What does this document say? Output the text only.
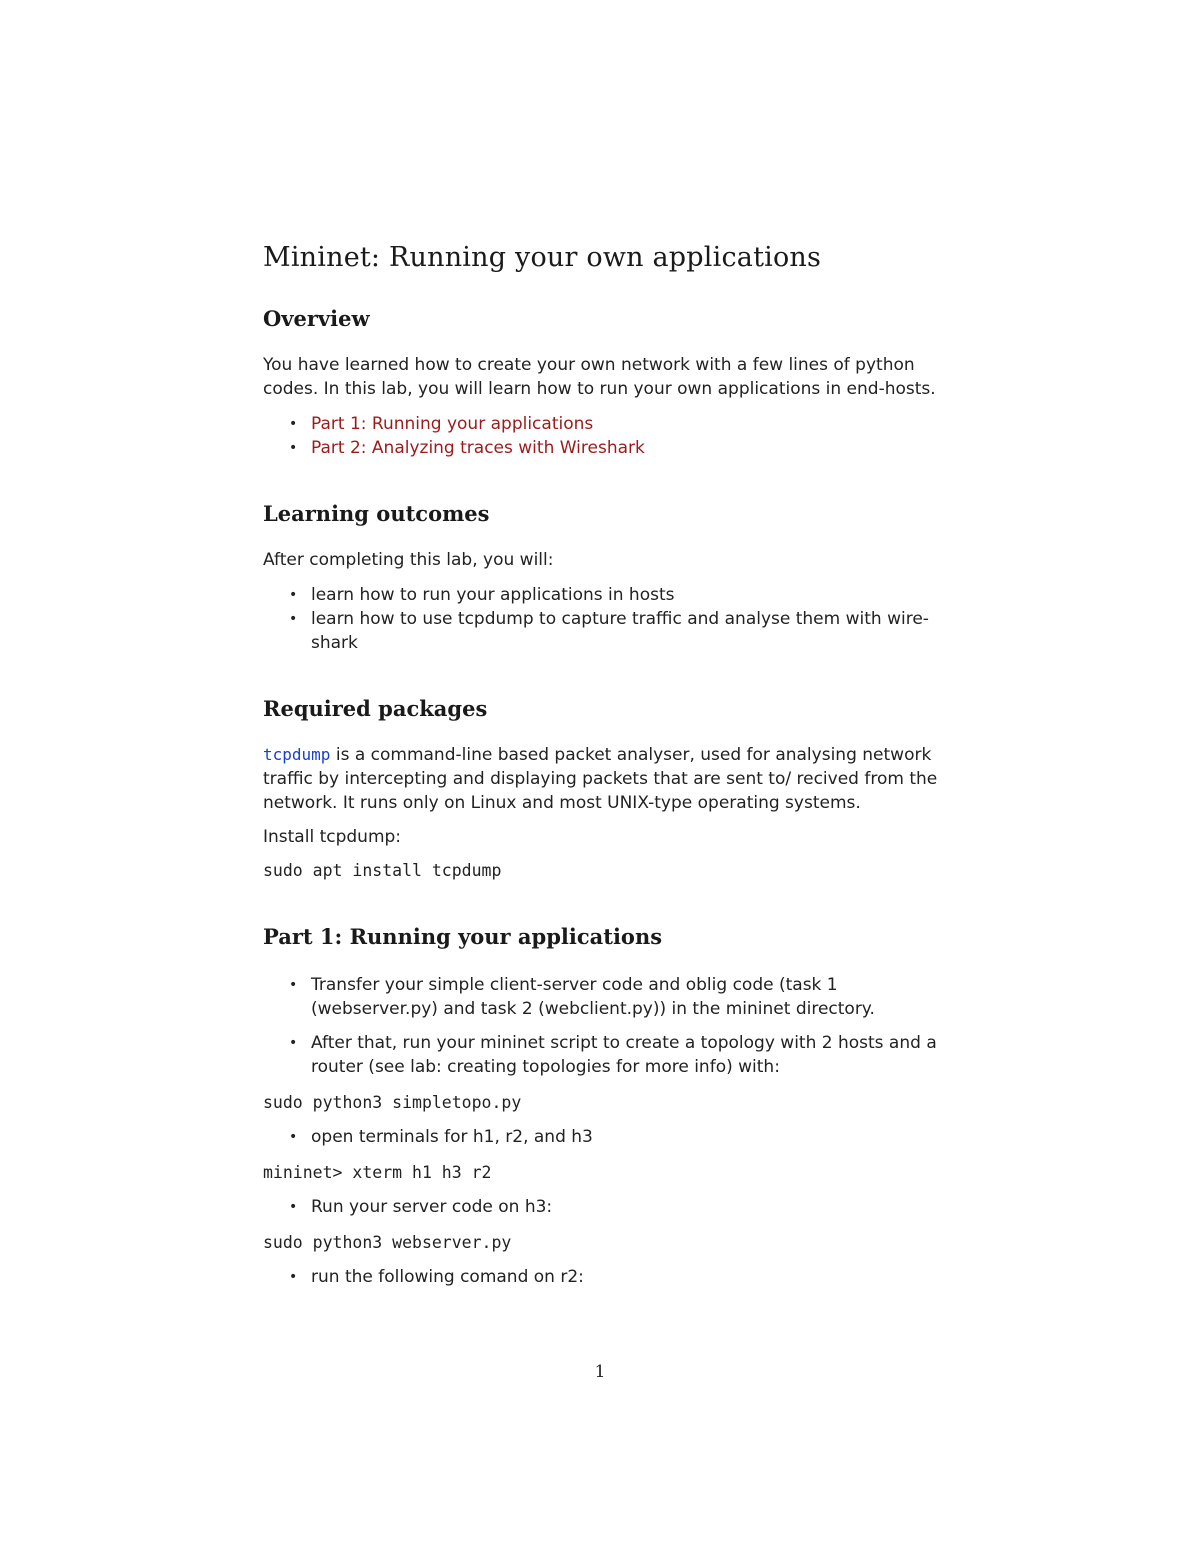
Mininet: Running your own applications
Overview

You have learned how to create your own network with a few lines of python codes. In this lab, you will learn how to run your own applications in end-hosts.

• Part 1: Running your applications
• Part 2: Analyzing traces with Wireshark
Learning outcomes

After completing this lab, you will:

• learn how to run your applications in hosts
• learn how to use tcpdump to capture traffic and analyse them with wire-shark
Required packages

tcpdump is a command-line based packet analyser, used for analysing network traffic by intercepting and displaying packets that are sent to/ recived from the network. It runs only on Linux and most UNIX-type operating systems.

Install tcpdump:

sudo apt install tcpdump

Part 1: Running your applications
• Transfer your simple client-server code and oblig code (task 1 (webserver.py) and task 2 (webclient.py)) in the mininet directory.
• After that, run your mininet script to create a topology with 2 hosts and a router (see lab: creating topologies for more info) with:

sudo python3 simpletopo.py

• open terminals for h1, r2, and h3

mininet> xterm h1 h3 r2

• Run your server code on h3:

sudo python3 webserver.py

• run the following comand on r2:
1
